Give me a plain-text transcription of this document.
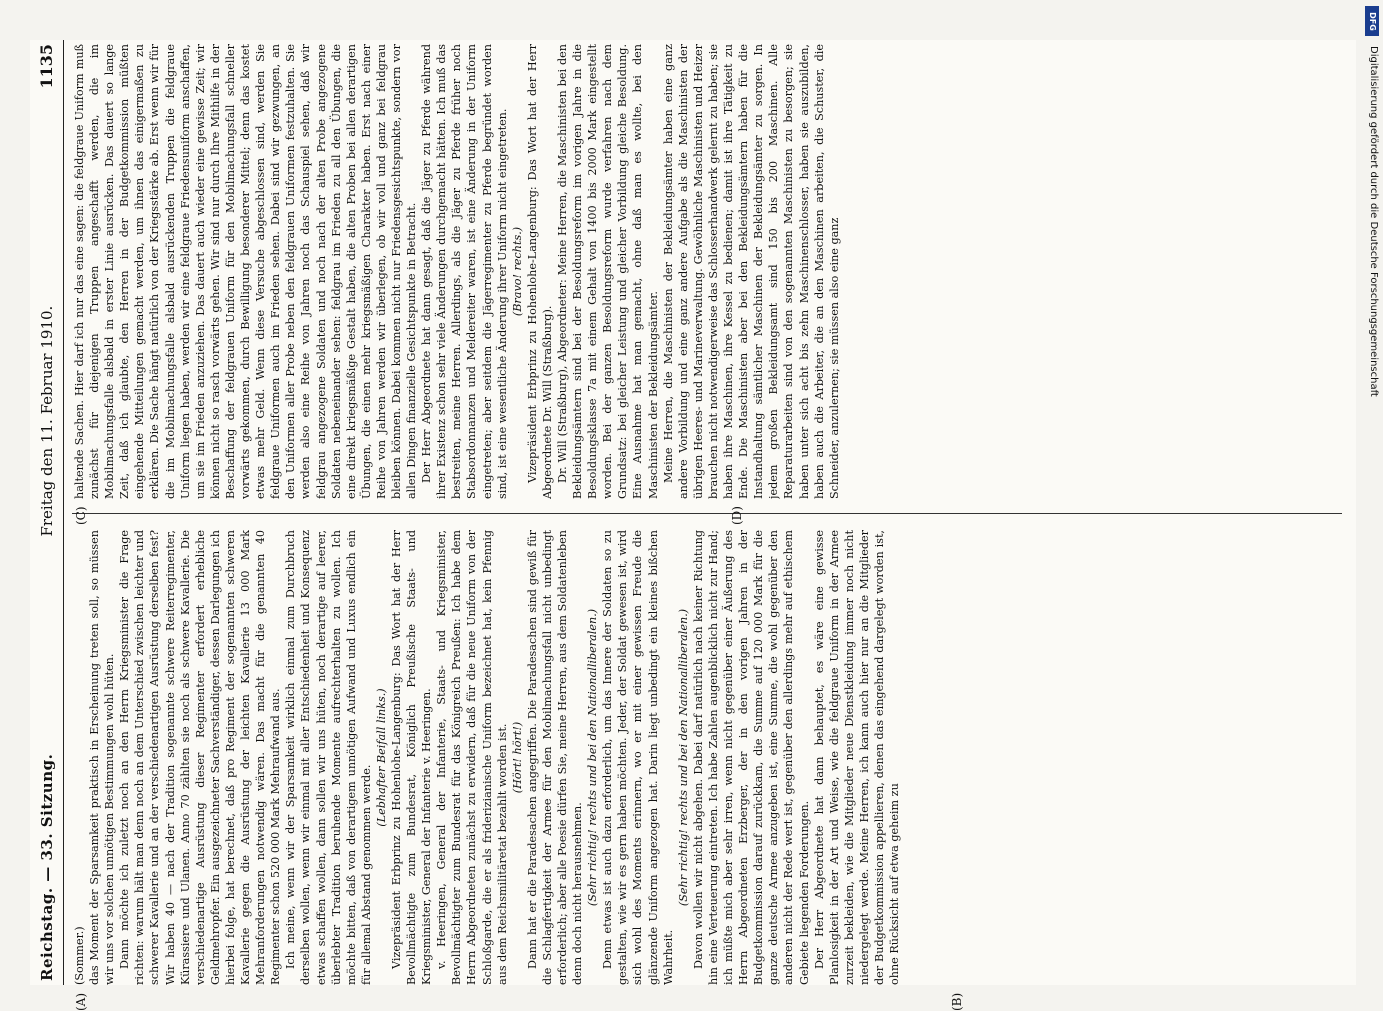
DFG
Digitalisierung gefördert durch die Deutsche Forschungsgemeinschaft
Reichstag. — 33. Sitzung.
Freitag den 11. Februar 1910.
1135

(Sommer.) das Moment der Sparsamkeit praktisch in Erscheinung treten soll, so müssen wir uns vor solchen unnötigen Bestimmungen wohl hüten. Dann möchte ich zuletzt noch an den Herrn Kriegsminister die Frage richten: warum hält man denn noch an dem Unterschied zwischen leichter und schwerer Kavallerie und an der verschiedenartigen Ausrüstung derselben fest? Wir haben 40 — nach der Tradition sogenannte schwere Reiterregimenter, Kürassiere und Ulanen. Anno 70 zählten sie noch als schwere Kavallerie. Die verschiedenartige Ausrüstung dieser Regimenter erfordert erhebliche Geldmehropfer. Ein ausgezeichneter Sachverständiger, dessen Darlegungen ich hierbei folge, hat berechnet, daß pro Regiment der sogenannten schweren Kavallerie gegen die Ausrüstung der leichten Kavallerie 13 000 Mark Mehranforderungen notwendig wären. Das macht für die genannten 40 Regimenter schon 520 000 Mark Mehraufwand aus. Ich meine, wenn wir der Sparsamkeit wirklich einmal zum Durchbruch derselben wollen, wenn wir einmal mit aller Entschiedenheit und Konsequenz etwas schaffen wollen, dann sollen wir uns hüten, noch derartige auf leerer, überlebter Tradition beruhende Momente aufrechterhalten zu wollen. Ich möchte bitten, daß von derartigem unnötigen Aufwand und Luxus endlich ein für allemal Abstand genommen werde.

(Lebhafter Beifall links.) Vizepräsident Erbprinz zu Hohenlohe-Langenburg: Das Wort hat der Herr Bevollmächtigte zum Bundesrat, Königlich Preußische Staats- und Kriegsminister, General der Infanterie v. Heeringen. v. Heeringen, General der Infanterie, Staats- und Kriegsminister, Bevollmächtigter zum Bundesrat für das Königreich Preußen: Ich habe dem Herrn Abgeordneten zunächst zu erwidern, daß für die neue Uniform von der Schloßgarde, die er als friderizianische Uniform bezeichnet hat, kein Pfennig aus dem Reichsmilitäretat bezahlt worden ist. (Hört! hört!) Dann hat er die Paradesachen angegriffen. Die Paradesachen sind gewiß für die Schlagfertigkeit der Armee für den Mobilmachungsfall nicht unbedingt erforderlich; aber alle Poesie dürfen Sie, meine Herren, aus dem Soldatenleben denn doch nicht herausnehmen. (Sehr richtig! rechts und bei den Nationalliberalen.) Denn etwas ist auch dazu erforderlich, um das Innere der Soldaten so zu gestalten, wie wir es gern haben möchten. Jeder, der Soldat gewesen ist, wird sich wohl des Moments erinnern, wo er mit einer gewissen Freude die glänzende Uniform angezogen hat. Darin liegt unbedingt ein kleines bißchen Wahrheit.

(Sehr richtig! rechts und bei den Nationalliberalen.) Davon wollen wir nicht abgehen. Dabei darf natürlich nach keiner Richtung hin eine Verteuerung eintreten. Ich habe Zahlen augenblicklich nicht zur Hand; ich müßte mich aber sehr irren, wenn nicht gegenüber einer Äußerung des Herrn Abgeordneten Erzberger, der in den vorigen Jahren in der Budgetkommission darauf zurückkam, die Summe auf 120 000 Mark für die ganze deutsche Armee anzugeben ist, eine Summe, die wohl gegenüber den anderen nicht der Rede wert ist, gegenüber den allerdings mehr auf ethischem Gebiete liegenden Forderungen. Der Herr Abgeordnete hat dann behauptet, es wäre eine gewisse Planlosigkeit in der Art und Weise, wie die feldgraue Uniform in der Armee zurzeit bekleiden, wie die Mitglieder neue Dienstkleidung immer noch nicht niedergelegt werde. Meine Herren, ich kann auch hier nur an die Mitglieder der Budgetkommission appellieren, denen das eingehend dargelegt worden ist, ohne Rücksicht auf etwa geheim zu

haltende Sachen. Hier darf ich nur das eine sagen: die feldgraue Uniform muß zunächst für diejenigen Truppen angeschafft werden, die im Mobilmachungsfalle alsbald in erster Linie ausrücken. Das dauert so lange Zeit, daß ich glaubte, den Herren in der Budgetkommission müßten eingehende Mitteilungen gemacht werden, um ihnen das einigermaßen zu erklären. Die Sache hängt natürlich von der Kriegsstärke ab. Erst wenn wir für die im Mobilmachungsfalle alsbald ausrückenden Truppen die feldgraue Uniform liegen haben, werden wir eine feldgraue Friedensuniform anschaffen, um sie im Frieden anzuziehen. Das dauert auch wieder eine gewisse Zeit; wir können nicht so rasch vorwärts gehen. Wir sind nur durch Ihre Mithilfe in der Beschaffung der feldgrauen Uniform für den Mobilmachungsfall schneller vorwärts gekommen, durch Bewilligung besonderer Mittel; denn das kostet etwas mehr Geld. Wenn diese Versuche abgeschlossen sind, werden Sie feldgraue Uniformen auch im Frieden sehen. Dabei sind wir gezwungen, an den Uniformen aller Probe neben den feldgrauen Uniformen festzuhalten. Sie werden also eine Reihe von Jahren noch das Schauspiel sehen, daß wir feldgrau angezogene Soldaten und noch nach der alten Probe angezogene Soldaten nebeneinander sehen: feldgrau im Frieden zu all den Übungen, die eine direkt kriegsmäßige Gestalt haben, die alten Proben bei allen derartigen Übungen, die einen mehr kriegsmäßigen Charakter haben. Erst nach einer Reihe von Jahren werden wir überlegen, ob wir voll und ganz bei feldgrau bleiben können. Dabei kommen nicht nur Friedensgesichtspunkte, sondern vor allen Dingen finanzielle Gesichtspunkte in Betracht. Der Herr Abgeordnete hat dann gesagt, daß die Jäger zu Pferde während ihrer Existenz schon sehr viele Änderungen durchgemacht hätten. Ich muß das bestreiten, meine Herren. Allerdings, als die Jäger zu Pferde früher noch Stabsordonnanzen und Meldereiter waren, ist eine Änderung in der Uniform eingetreten; aber seitdem die Jägerregimenter zu Pferde begründet worden sind, ist eine wesentliche Änderung ihrer Uniform nicht eingetreten. (Bravo! rechts.) Vizepräsident Erbprinz zu Hohenlohe-Langenburg: Das Wort hat der Herr Abgeordnete Dr. Will (Straßburg). Dr. Will (Straßburg), Abgeordneter: Meine Herren, die Maschinisten bei den Bekleidungsämtern sind bei der Besoldungsreform im vorigen Jahre in die Besoldungsklasse 7a mit einem Gehalt von 1400 bis 2000 Mark eingestellt worden. Bei der ganzen Besoldungsreform wurde verfahren nach dem Grundsatz: bei gleicher Leistung und gleicher Vorbildung gleiche Besoldung. Eine Ausnahme hat man gemacht, ohne daß man es wollte, bei den Maschinisten der Bekleidungsämter. Meine Herren, die Maschinisten der Bekleidungsämter haben eine ganz andere Vorbildung und eine ganz andere Aufgabe als die Maschinisten der übrigen Heeres- und Marineverwaltung. Gewöhnliche Maschinisten und Heizer brauchen nicht notwendigerweise das Schlosserhandwerk gelernt zu haben; sie haben ihre Maschinen, ihre Kessel zu bedienen; damit ist ihre Tätigkeit zu Ende. Die Maschinisten aber bei den Bekleidungsämtern haben für die Instandhaltung sämtlicher Maschinen der Bekleidungsämter zu sorgen. In jedem großen Bekleidungsamt sind 150 bis 200 Maschinen. Alle Reparaturarbeiten sind von den sogenannten Maschinisten zu besorgen; sie haben unter sich acht bis zehn Maschinenschlosser, haben sie auszubilden, haben auch die Arbeiter, die an den Maschinen arbeiten, die Schuster, die Schneider, anzulernen; sie müssen also eine ganz

(A)	(B)
(C)	(D)
